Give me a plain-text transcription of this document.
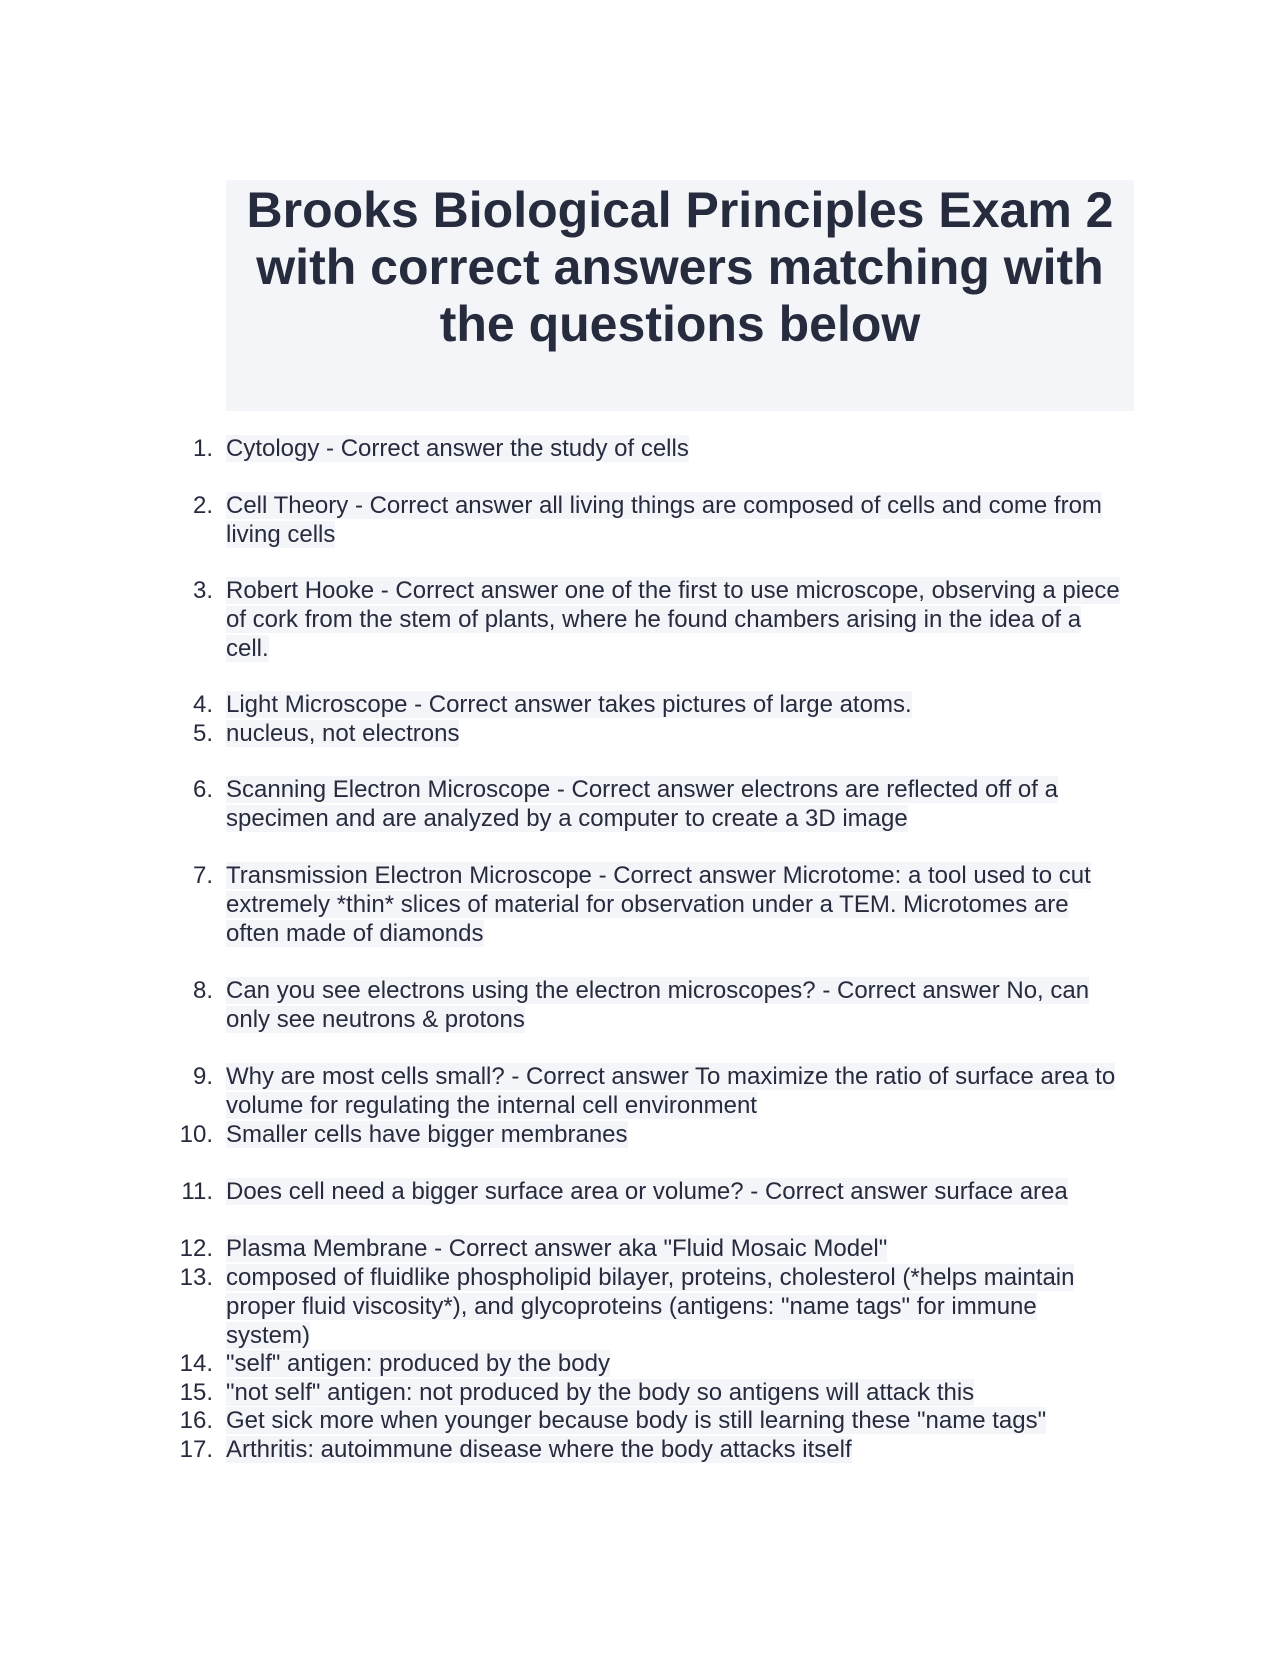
Brooks Biological Principles Exam 2 with correct answers matching with the questions below
1. Cytology - Correct answer the study of cells
2. Cell Theory - Correct answer all living things are composed of cells and come from living cells
3. Robert Hooke - Correct answer one of the first to use microscope, observing a piece of cork from the stem of plants, where he found chambers arising in the idea of a cell.
4. Light Microscope - Correct answer takes pictures of large atoms.
5. nucleus, not electrons
6. Scanning Electron Microscope - Correct answer electrons are reflected off of a specimen and are analyzed by a computer to create a 3D image
7. Transmission Electron Microscope - Correct answer Microtome: a tool used to cut extremely *thin* slices of material for observation under a TEM. Microtomes are often made of diamonds
8. Can you see electrons using the electron microscopes? - Correct answer No, can only see neutrons & protons
9. Why are most cells small? - Correct answer To maximize the ratio of surface area to volume for regulating the internal cell environment
10. Smaller cells have bigger membranes
11. Does cell need a bigger surface area or volume? - Correct answer surface area
12. Plasma Membrane - Correct answer aka "Fluid Mosaic Model"
13. composed of fluidlike phospholipid bilayer, proteins, cholesterol (*helps maintain proper fluid viscosity*), and glycoproteins (antigens: "name tags" for immune system)
14. "self" antigen: produced by the body
15. "not self" antigen: not produced by the body so antigens will attack this
16. Get sick more when younger because body is still learning these "name tags"
17. Arthritis: autoimmune disease where the body attacks itself
